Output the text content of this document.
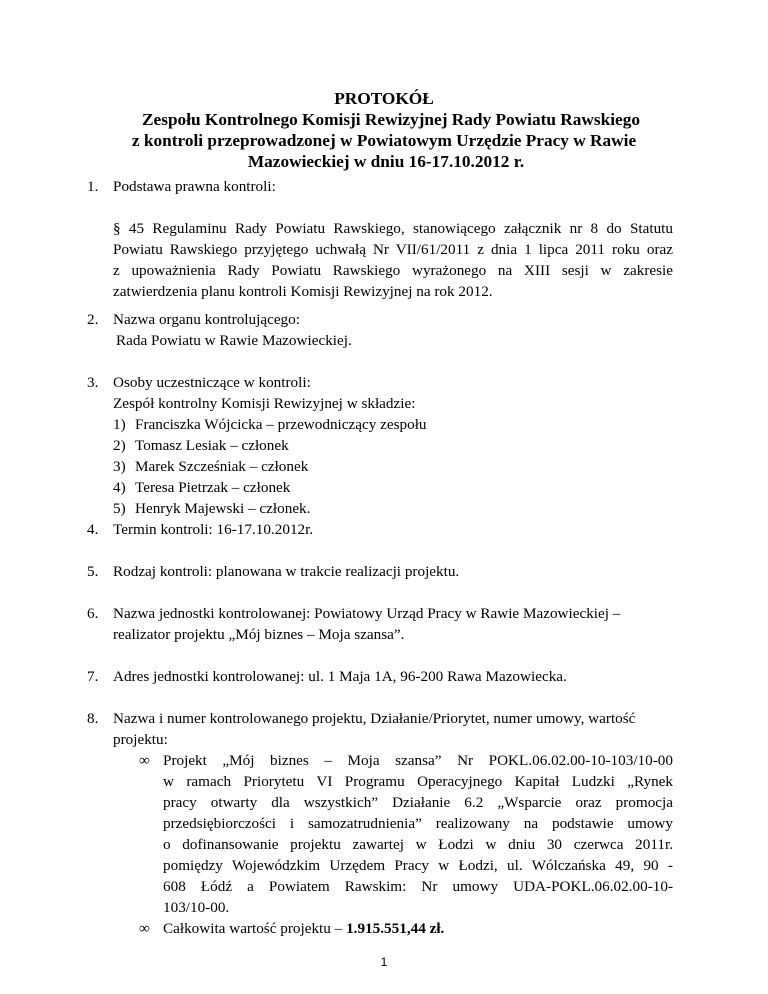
PROTOKÓŁ
Zespołu Kontrolnego Komisji Rewizyjnej Rady Powiatu Rawskiego
z kontroli przeprowadzonej w Powiatowym Urzędzie Pracy w Rawie
Mazowieckiej w dniu 16-17.10.2012 r.
1. Podstawa prawna kontroli:
§ 45 Regulaminu Rady Powiatu Rawskiego, stanowiącego załącznik nr 8 do Statutu
Powiatu Rawskiego przyjętego uchwałą Nr VII/61/2011 z dnia 1 lipca 2011 roku oraz
z upoważnienia Rady Powiatu Rawskiego wyrażonego na XIII sesji w zakresie
zatwierdzenia planu kontroli Komisji Rewizyjnej na rok 2012.
2. Nazwa organu kontrolującego:
Rada Powiatu w Rawie Mazowieckiej.
3. Osoby uczestniczące w kontroli:
Zespół kontrolny Komisji Rewizyjnej w składzie:
1) Franciszka Wójcicka – przewodniczący zespołu
2) Tomasz Lesiak – członek
3) Marek Szcześniak – członek
4) Teresa Pietrzak – członek
5) Henryk Majewski – członek.
4. Termin kontroli: 16-17.10.2012r.
5. Rodzaj kontroli: planowana w trakcie realizacji projektu.
6. Nazwa jednostki kontrolowanej: Powiatowy Urząd Pracy w Rawie Mazowieckiej –
realizator projektu „Mój biznes – Moja szansa”.
7. Adres jednostki kontrolowanej: ul. 1 Maja 1A, 96-200 Rawa Mazowiecka.
8. Nazwa i numer kontrolowanego projektu, Działanie/Priorytet, numer umowy, wartość
projektu:
∞ Projekt „Mój biznes – Moja szansa” Nr POKL.06.02.00-10-103/10-00
w ramach Priorytetu VI Programu Operacyjnego Kapitał Ludzki „Rynek
pracy otwarty dla wszystkich” Działanie 6.2 „Wsparcie oraz promocja
przedsiębiorczości i samozatrudnienia” realizowany na podstawie umowy
o dofinansowanie projektu zawartej w Łodzi w dniu 30 czerwca 2011r.
pomiędzy Wojewódzkim Urzędem Pracy w Łodzi, ul. Wólczańska 49, 90 -
608 Łódź a Powiatem Rawskim: Nr umowy UDA-POKL.06.02.00-10-
103/10-00.
∞ Całkowita wartość projektu – 1.915.551,44 zł.
1
